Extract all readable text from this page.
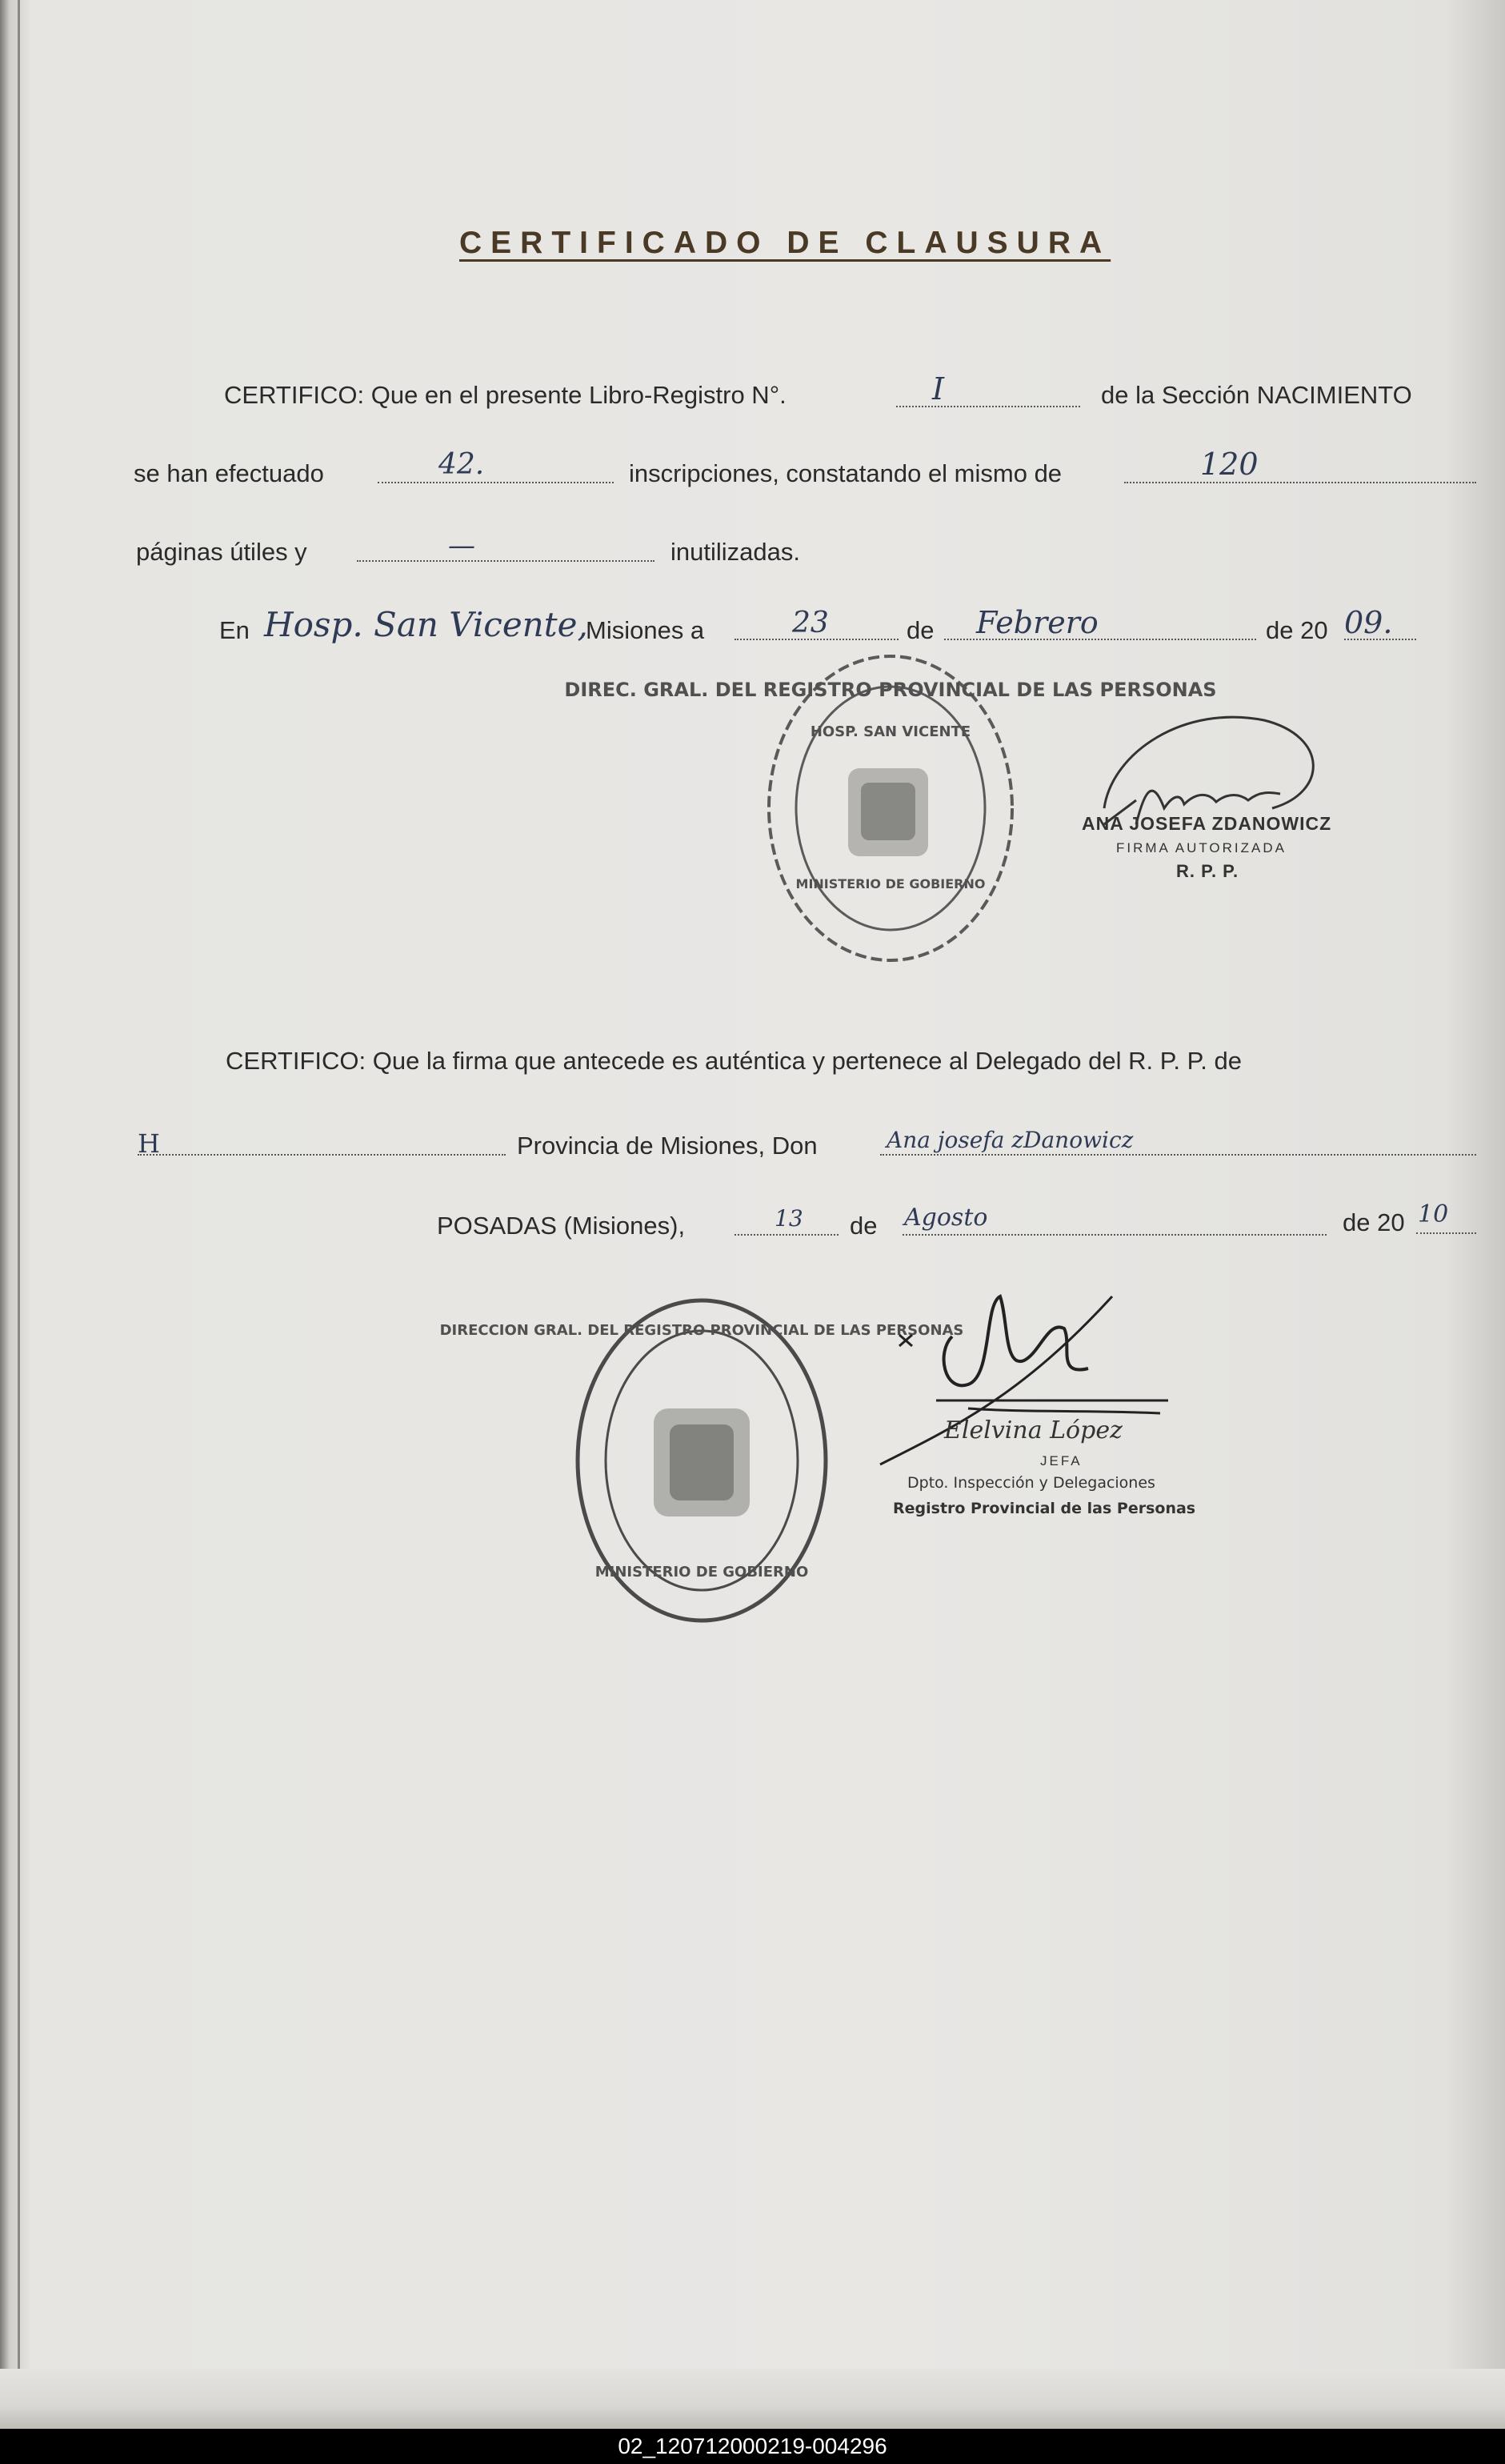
CERTIFICADO DE CLAUSURA
CERTIFICO: Que en el presente Libro-Registro N°.	I	de la Sección NACIMIENTO
se han efectuado	42.	inscripciones, constatando el mismo de	120
páginas útiles y	—	inutilizadas.
En Hosp. San Vicente,
Misiones a	23	de Febrero	de 20 09.
DIREC. GRAL. DEL REGISTRO PROVINCIAL DE LAS PERSONAS
HOSP. SAN VICENTE
MINISTERIO DE GOBIERNO
ANA JOSEFA ZDANOWICZ
FIRMA AUTORIZADA
R. P. P.
CERTIFICO: Que la firma que antecede es auténtica y pertenece al Delegado del R. P. P. de
H	Provincia de Misiones, Don	Ana josefa zDanowicz
POSADAS (Misiones),	13 de Agosto	de 20 10
DIRECCION GRAL. DEL REGISTRO PROVINCIAL DE LAS PERSONAS
MINISTERIO DE GOBIERNO
Elelvina López
JEFA
Dpto. Inspección y Delegaciones
Registro Provincial de las Personas
02_120712000219-004296
